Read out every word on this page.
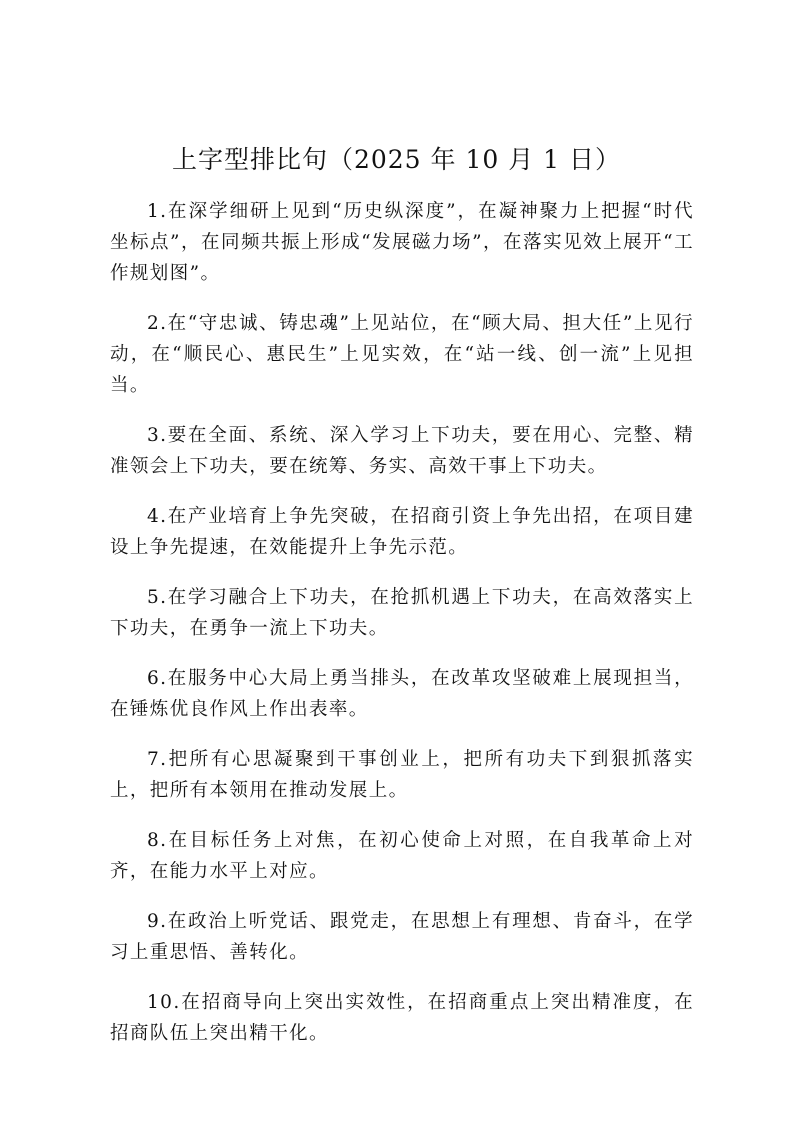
上字型排比句（2025 年 10 月 1 日）

1.在深学细研上见到“历史纵深度”，在凝神聚力上把握“时代坐标点”，在同频共振上形成“发展磁力场”，在落实见效上展开“工作规划图”。

2.在“守忠诚、铸忠魂”上见站位，在“顾大局、担大任”上见行动，在“顺民心、惠民生”上见实效，在“站一线、创一流”上见担当。

3.要在全面、系统、深入学习上下功夫，要在用心、完整、精准领会上下功夫，要在统筹、务实、高效干事上下功夫。

4.在产业培育上争先突破，在招商引资上争先出招，在项目建设上争先提速，在效能提升上争先示范。

5.在学习融合上下功夫，在抢抓机遇上下功夫，在高效落实上下功夫，在勇争一流上下功夫。

6.在服务中心大局上勇当排头，在改革攻坚破难上展现担当，在锤炼优良作风上作出表率。

7.把所有心思凝聚到干事创业上，把所有功夫下到狠抓落实上，把所有本领用在推动发展上。

8.在目标任务上对焦，在初心使命上对照，在自我革命上对齐，在能力水平上对应。

9.在政治上听党话、跟党走，在思想上有理想、肯奋斗，在学习上重思悟、善转化。

10.在招商导向上突出实效性，在招商重点上突出精准度，在招商队伍上突出精干化。
